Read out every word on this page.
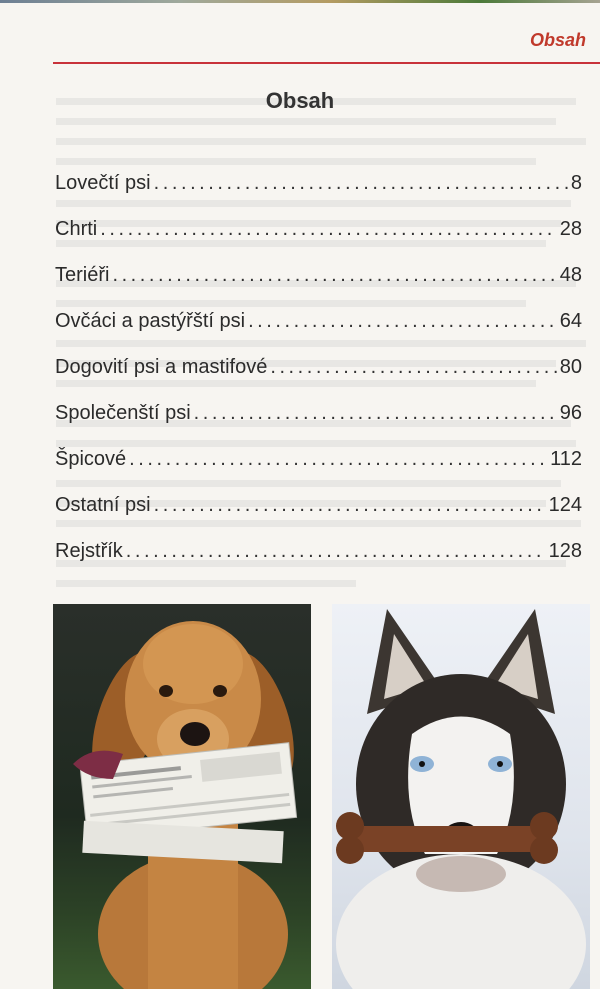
Obsah
Obsah
Lovečtí psi . . .	8
Chrti . . .	28
Teriéři . . .	48
Ovčáci a pastýřští psi . . .	64
Dogovití psi a mastifové . . .	80
Společenští psi . . .	96
Špicové . . .	112
Ostatní psi . . .	124
Rejstřík . . .	128
